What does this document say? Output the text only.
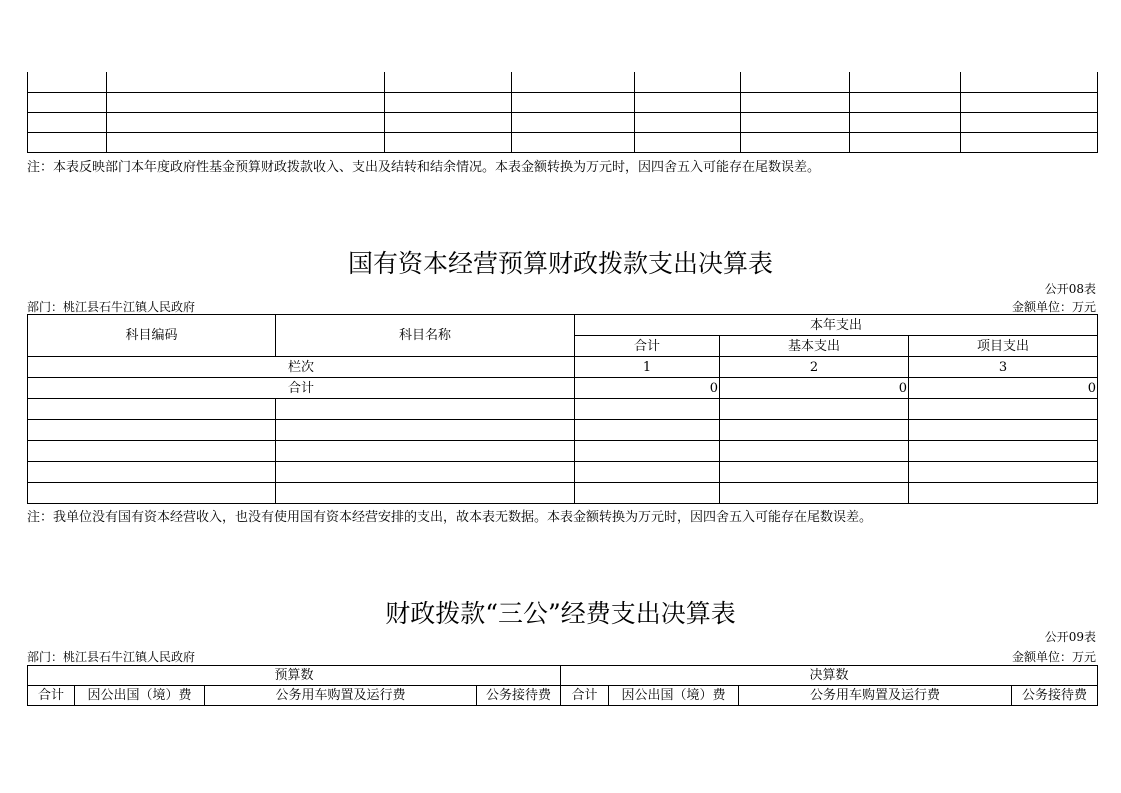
注：本表反映部门本年度政府性基金预算财政拨款收入、支出及结转和结余情况。本表金额转换为万元时，因四舍五入可能存在尾数误差。
国有资本经营预算财政拨款支出决算表
公开08表
部门：桃江县石牛江镇人民政府	金额单位：万元
科目编码	科目名称	本年支出		
		合计	基本支出	项目支出
栏次		1	2	3
合计		0	0	0

注：我单位没有国有资本经营收入，也没有使用国有资本经营安排的支出，故本表无数据。本表金额转换为万元时，因四舍五入可能存在尾数误差。
财政拨款“三公”经费支出决算表
公开09表
部门：桃江县石牛江镇人民政府	金额单位：万元
预算数				决算数			
合计	因公出国（境）费	公务用车购置及运行费	公务接待费	合计	因公出国（境）费	公务用车购置及运行费	公务接待费
